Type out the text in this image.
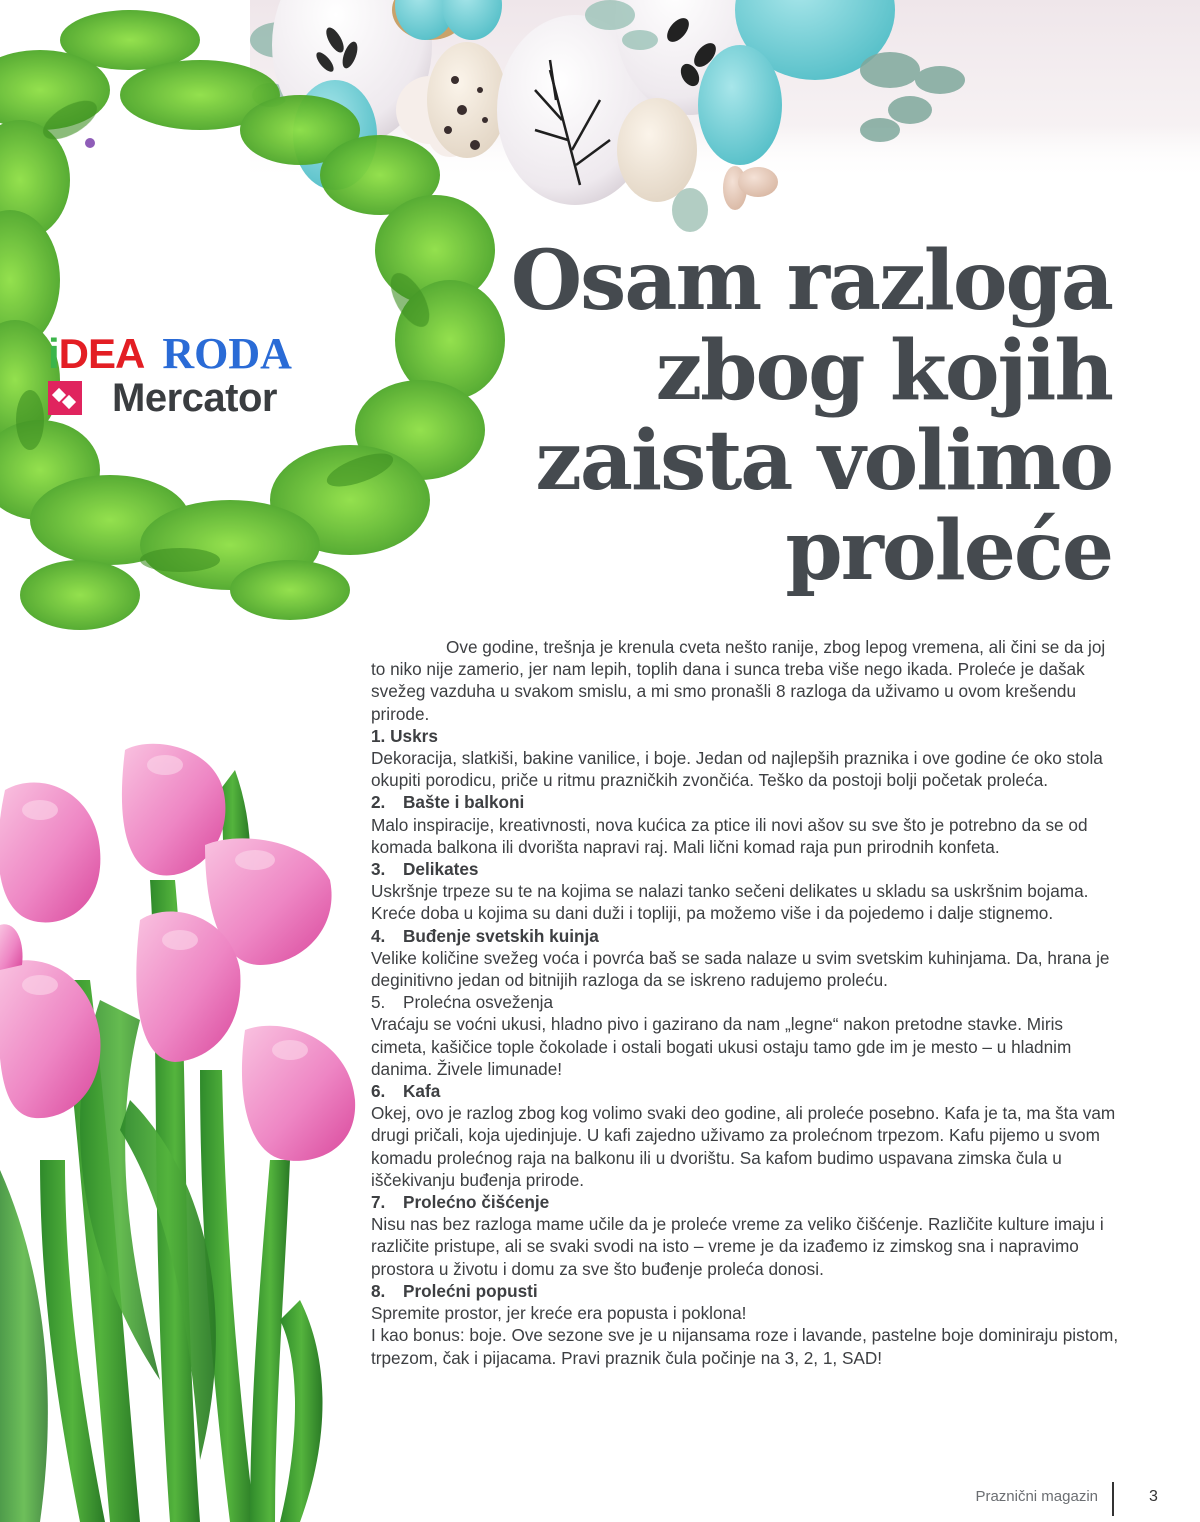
iDEA RODA
Mercator
Osam razloga
zbog kojih
zaista volimo
proleće

Ove godine, trešnja je krenula cveta nešto ranije, zbog lepog vremena, ali čini se da joj to niko nije zamerio, jer nam lepih, toplih dana i sunca treba više nego ikada. Proleće je dašak svežeg vazduha u svakom smislu, a mi smo pronašli 8 razloga da uživamo u ovom krešendu prirode.

1. Uskrs

Dekoracija, slatkiši, bakine vanilice, i boje. Jedan od najlepših praznika i ove godine će oko stola okupiti porodicu, priče u ritmu prazničkih zvončića. Teško da postoji bolji početak proleća.

2. Bašte i balkoni

Malo inspiracije, kreativnosti, nova kućica za ptice ili novi ašov su sve što je potrebno da se od komada balkona ili dvorišta napravi raj. Mali lični komad raja pun prirodnih konfeta.

3. Delikates

Uskršnje trpeze su te na kojima se nalazi tanko sečeni delikates u skladu sa uskršnim bojama. Kreće doba u kojima su dani duži i topliji, pa možemo više i da pojedemo i dalje stignemo.

4. Buđenje svetskih kuinja

Velike količine svežeg voća i povrća baš se sada nalaze u svim svetskim kuhinjama. Da, hrana je deginitivno jedan od bitnijih razloga da se iskreno radujemo proleću.

5. Prolećna osveženja

Vraćaju se voćni ukusi, hladno pivo i gazirano da nam „legne“ nakon pretodne stavke. Miris cimeta, kašičice tople čokolade i ostali bogati ukusi ostaju tamo gde im je mesto – u hladnim danima. Živele limunade!

6. Kafa

Okej, ovo je razlog zbog kog volimo svaki deo godine, ali proleće posebno. Kafa je ta, ma šta vam drugi pričali, koja ujedinjuje. U kafi zajedno uživamo za prolećnom trpezom. Kafu pijemo u svom komadu prolećnog raja na balkonu ili u dvorištu. Sa kafom budimo uspavana zimska čula u iščekivanju buđenja prirode.

7. Prolećno čišćenje

Nisu nas bez razloga mame učile da je proleće vreme za veliko čišćenje. Različite kulture imaju i različite pristupe, ali se svaki svodi na isto – vreme je da izađemo iz zimskog sna i napravimo prostora u životu i domu za sve što buđenje proleća donosi.

8. Prolećni popusti

Spremite prostor, jer kreće era popusta i poklona!

I kao bonus: boje. Ove sezone sve je u nijansama roze i lavande, pastelne boje dominiraju pistom, trpezom, čak i pijacama. Pravi praznik čula počinje na 3, 2, 1, SAD!

Praznični magazin	3
